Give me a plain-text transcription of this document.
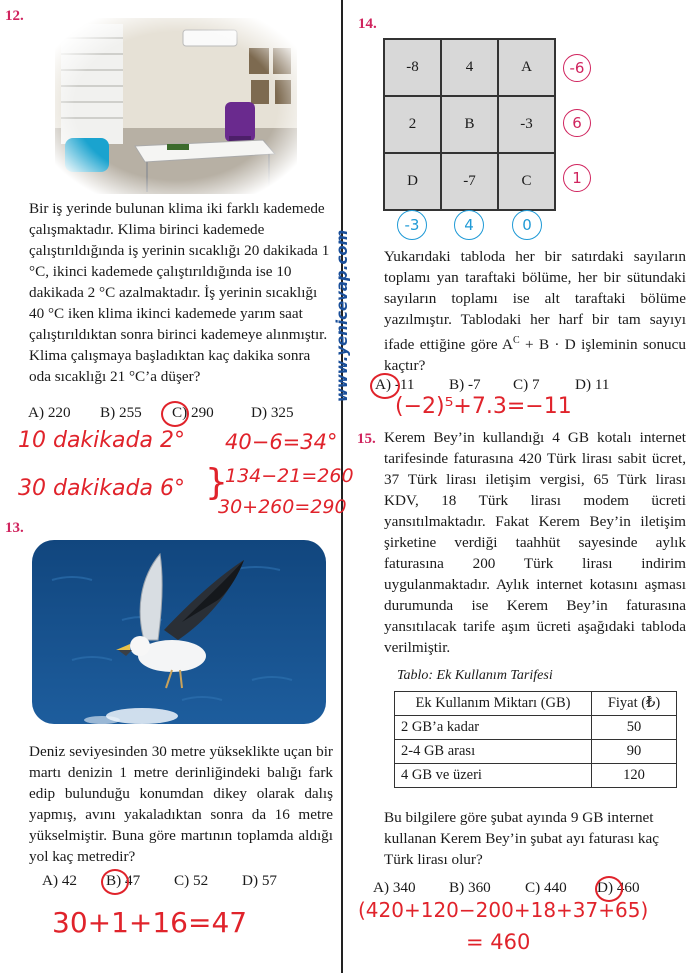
12.
Bir iş yerinde bulunan klima iki farklı kademede çalışmaktadır. Klima birinci kademede çalıştırıldığında iş yerinin sıcaklığı 20 dakikada 1 °C, ikinci kademede çalıştırıldığında ise 10 dakikada 2 °C azalmaktadır. İş yerinin sıcaklığı 40 °C iken klima ikinci kademede yarım saat çalıştırıldıktan sonra birinci kademeye alınmıştır. Klima çalışmaya başladıktan kaç dakika sonra oda sıcaklığı 21 °C’a düşer?
A) 220 B) 255 C) 290 D) 325
10 dakikada 2°
30 dakikada 6° }
40−6=34°
134−21=260
30+260=290
13.
Deniz seviyesinden 30 metre yükseklikte uçan bir martı denizin 1 metre derinliğindeki balığı fark edip bulunduğu konumdan dikey olarak dalış yapmış, avını yakaladıktan sonra da 16 metre yükselmiştir. Buna göre martının toplamda aldığı yol kaç metredir?
A) 42 B) 47 C) 52 D) 57
30+1+16=47
www.yenicevap.com
14.
-8	4	A
2	B	-3
D	-7	C
-6
6
1
-3	4	0
Yukarıdaki tabloda her bir satırdaki sayıların toplamı yan taraftaki bölüme, her bir sütundaki sayıların toplamı ise alt taraftaki bölüme yazılmıştır. Tablodaki her harf bir tam sayıyı ifade ettiğine göre $A^C + B \cdot D$ işleminin sonucu kaçtır?
A) -11 B) -7 C) 7 D) 11
(−2)⁵+7.3=−11
15. Kerem Bey’in kullandığı 4 GB kotalı internet tarifesinde faturasına 420 Türk lirası sabit ücret, 37 Türk lirası iletişim vergisi, 65 Türk lirası KDV, 18 Türk lirası modem ücreti yansıtılmaktadır. Fakat Kerem Bey’in iletişim şirketine verdiği taahhüt sayesinde aylık faturasına 200 Türk lirası indirim uygulanmaktadır. Aylık internet kotasını aşması durumunda ise Kerem Bey’in faturasına yansıtılacak tarife aşım ücreti aşağıdaki tabloda verilmiştir.
Tablo: Ek Kullanım Tarifesi
Ek Kullanım Miktarı (GB)	Fiyat (₺)
2 GB’a kadar	50
2-4 GB arası	90
4 GB ve üzeri	120
Bu bilgilere göre şubat ayında 9 GB internet kullanan Kerem Bey’in şubat ayı faturası kaç Türk lirası olur?
A) 340 B) 360 C) 440 D) 460
(420+120−200+18+37+65)
= 460
